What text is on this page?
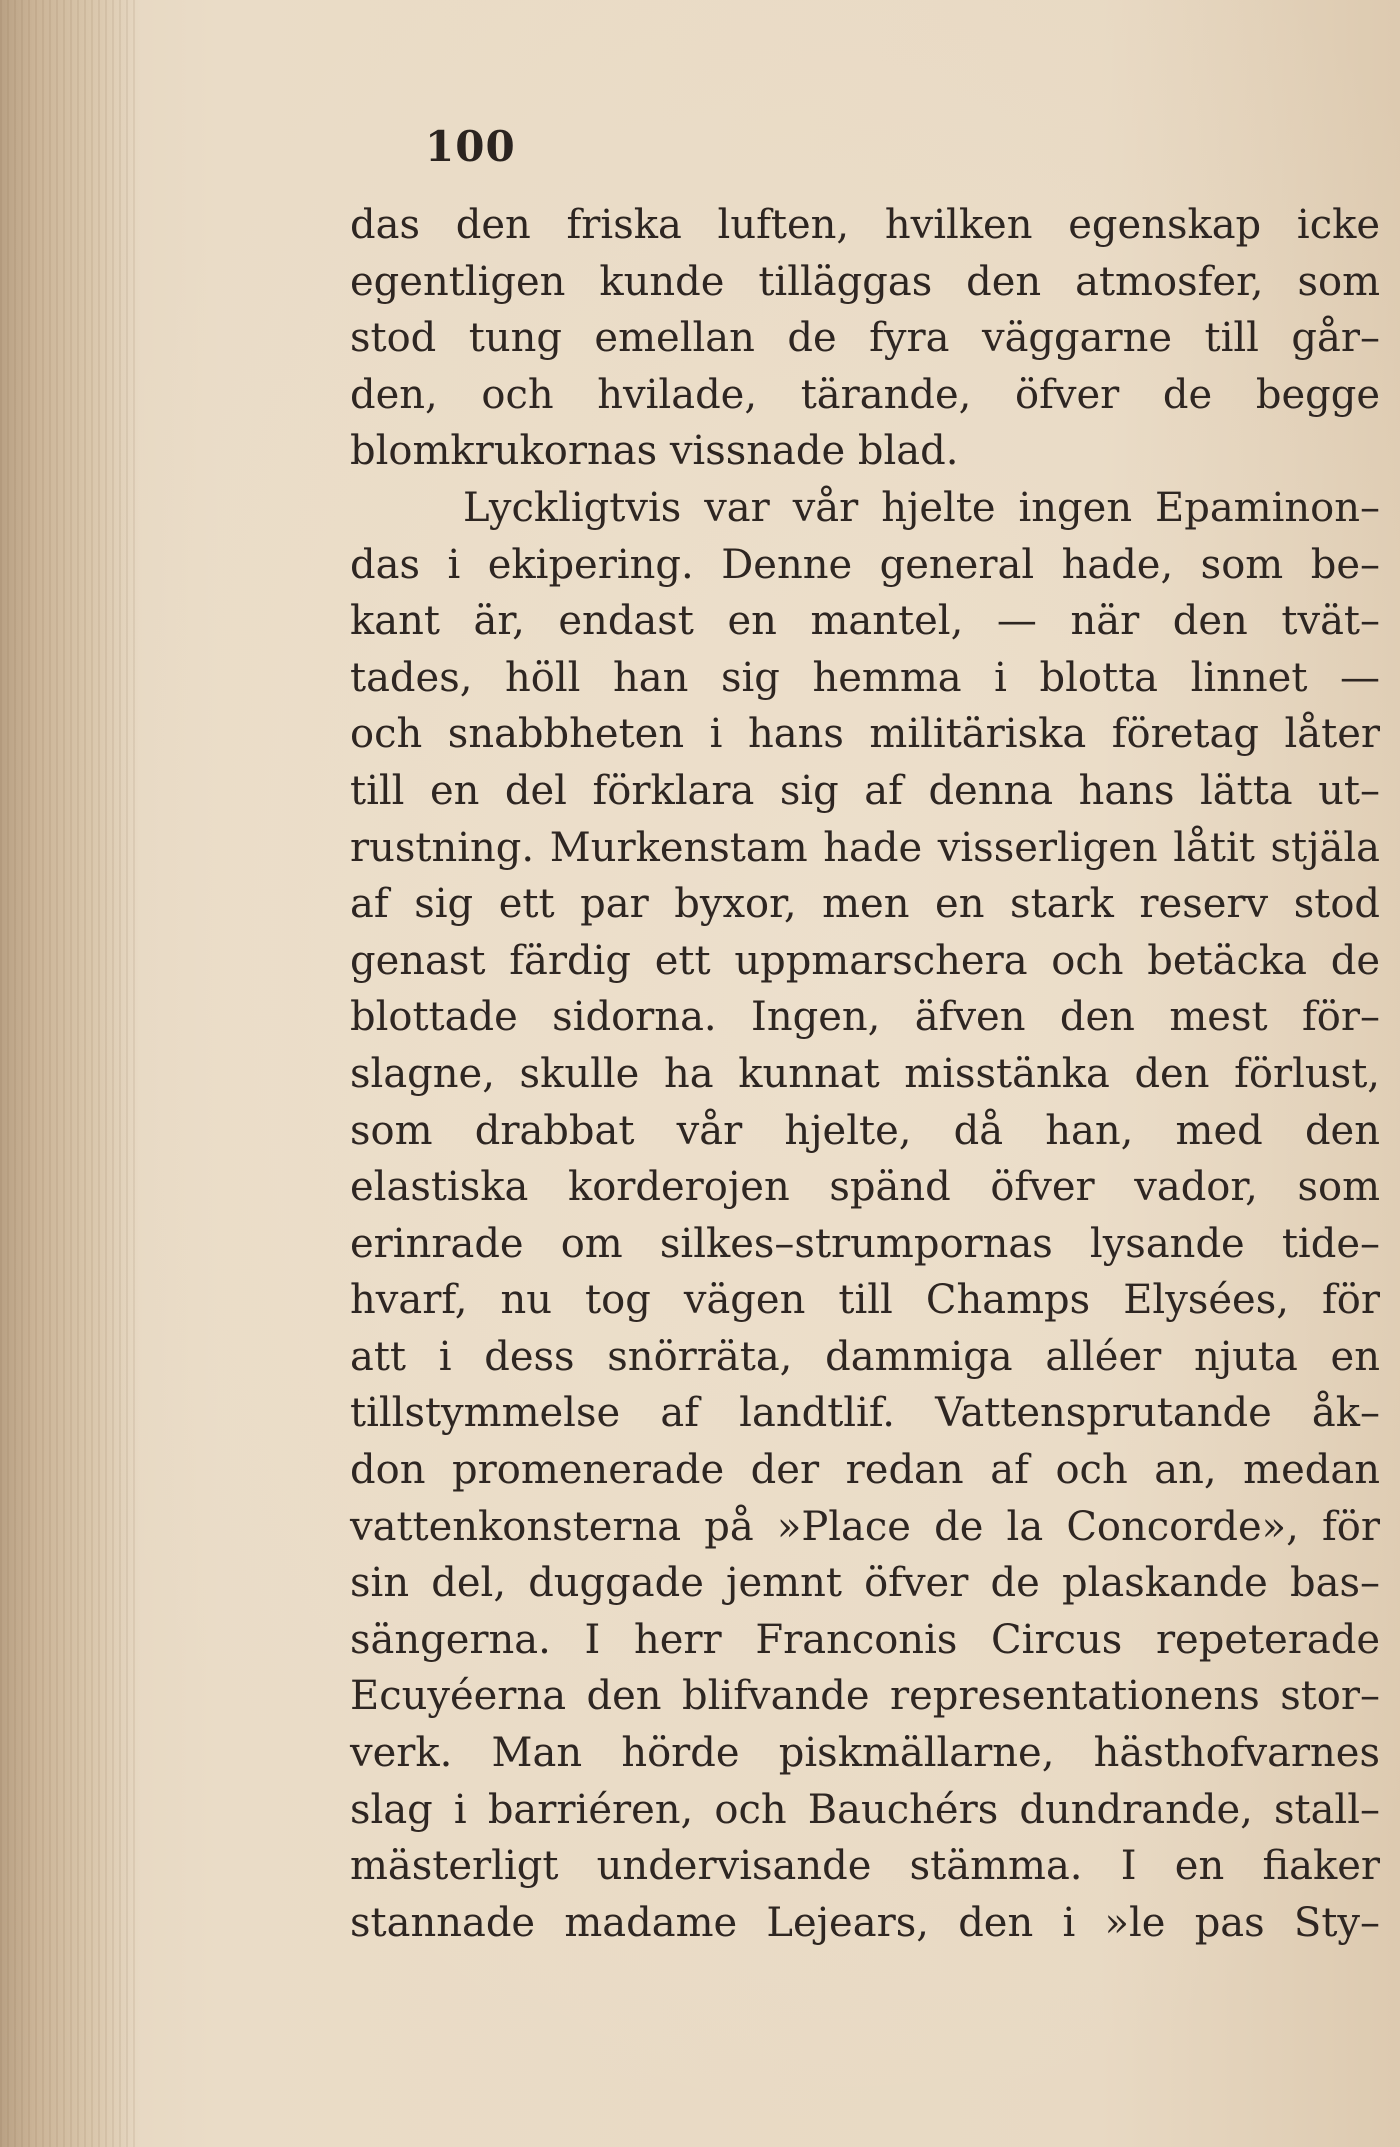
100
das den friska luften, hvilken egenskap icke
egentligen kunde tilläggas den atmosfer, som
stod tung emellan de fyra väggarne till går–
den, och hvilade, tärande, öfver de begge
blomkrukornas vissnade blad.
Lyckligtvis var vår hjelte ingen Epaminon–
das i ekipering. Denne general hade, som be–
kant är, endast en mantel, — när den tvät–
tades, höll han sig hemma i blotta linnet —
och snabbheten i hans militäriska företag låter
till en del förklara sig af denna hans lätta ut–
rustning. Murkenstam hade visserligen låtit stjäla
af sig ett par byxor, men en stark reserv stod
genast färdig ett uppmarschera och betäcka de
blottade sidorna. Ingen, äfven den mest för–
slagne, skulle ha kunnat misstänka den förlust,
som drabbat vår hjelte, då han, med den
elastiska korderojen spänd öfver vador, som
erinrade om silkes–strumpornas lysande tide–
hvarf, nu tog vägen till Champs Elysées, för
att i dess snörräta, dammiga alléer njuta en
tillstymmelse af landtlif. Vattensprutande åk–
don promenerade der redan af och an, medan
vattenkonsterna på »Place de la Concorde», för
sin del, duggade jemnt öfver de plaskande bas–
sängerna. I herr Franconis Circus repeterade
Ecuyéerna den blifvande representationens stor–
verk. Man hörde piskmällarne, hästhofvarnes
slag i barriéren, och Bauchérs dundrande, stall–
mästerligt undervisande stämma. I en fiaker
stannade madame Lejears, den i »le pas Sty–
